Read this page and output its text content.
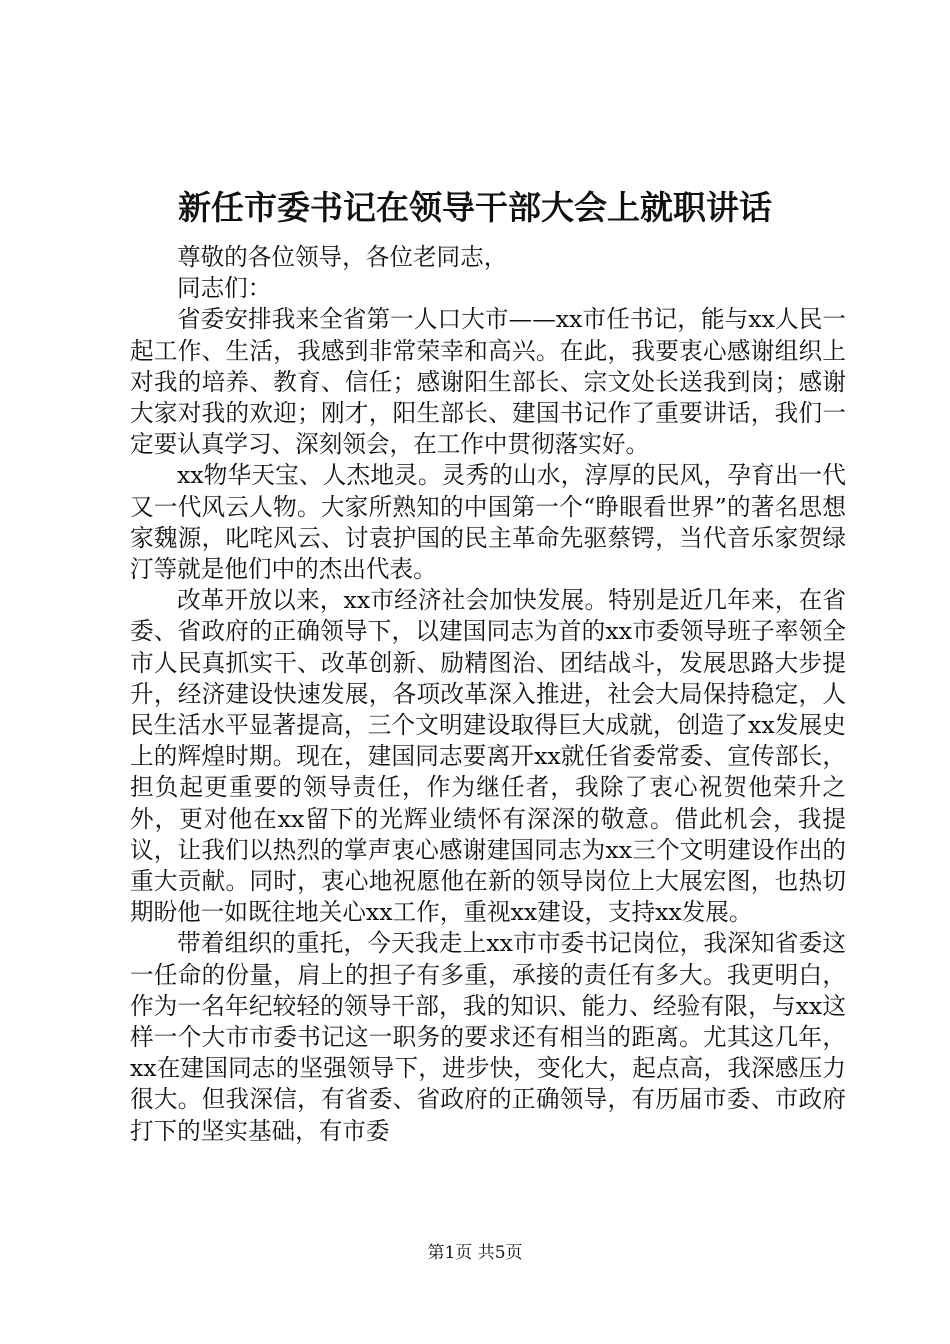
新任市委书记在领导干部大会上就职讲话

尊敬的各位领导，各位老同志，

同志们：

省委安排我来全省第一人口大市——xx市任书记，能与xx人民一起工作、生活，我感到非常荣幸和高兴。在此，我要衷心感谢组织上对我的培养、教育、信任；感谢阳生部长、宗文处长送我到岗；感谢大家对我的欢迎；刚才，阳生部长、建国书记作了重要讲话，我们一定要认真学习、深刻领会，在工作中贯彻落实好。

xx物华天宝、人杰地灵。灵秀的山水，淳厚的民风，孕育出一代又一代风云人物。大家所熟知的中国第一个“睁眼看世界”的著名思想家魏源，叱咤风云、讨袁护国的民主革命先驱蔡锷，当代音乐家贺绿汀等就是他们中的杰出代表。

改革开放以来，xx市经济社会加快发展。特别是近几年来，在省委、省政府的正确领导下，以建国同志为首的xx市委领导班子率领全市人民真抓实干、改革创新、励精图治、团结战斗，发展思路大步提升，经济建设快速发展，各项改革深入推进，社会大局保持稳定，人民生活水平显著提高，三个文明建设取得巨大成就，创造了xx发展史上的辉煌时期。现在，建国同志要离开xx就任省委常委、宣传部长，担负起更重要的领导责任，作为继任者，我除了衷心祝贺他荣升之外，更对他在xx留下的光辉业绩怀有深深的敬意。借此机会，我提议，让我们以热烈的掌声衷心感谢建国同志为xx三个文明建设作出的重大贡献。同时，衷心地祝愿他在新的领导岗位上大展宏图，也热切期盼他一如既往地关心xx工作，重视xx建设，支持xx发展。

带着组织的重托，今天我走上xx市市委书记岗位，我深知省委这一任命的份量，肩上的担子有多重，承接的责任有多大。我更明白，作为一名年纪较轻的领导干部，我的知识、能力、经验有限，与xx这样一个大市市委书记这一职务的要求还有相当的距离。尤其这几年，xx在建国同志的坚强领导下，进步快，变化大，起点高，我深感压力很大。但我深信，有省委、省政府的正确领导，有历届市委、市政府打下的坚实基础，有市委

第1页 共5页
